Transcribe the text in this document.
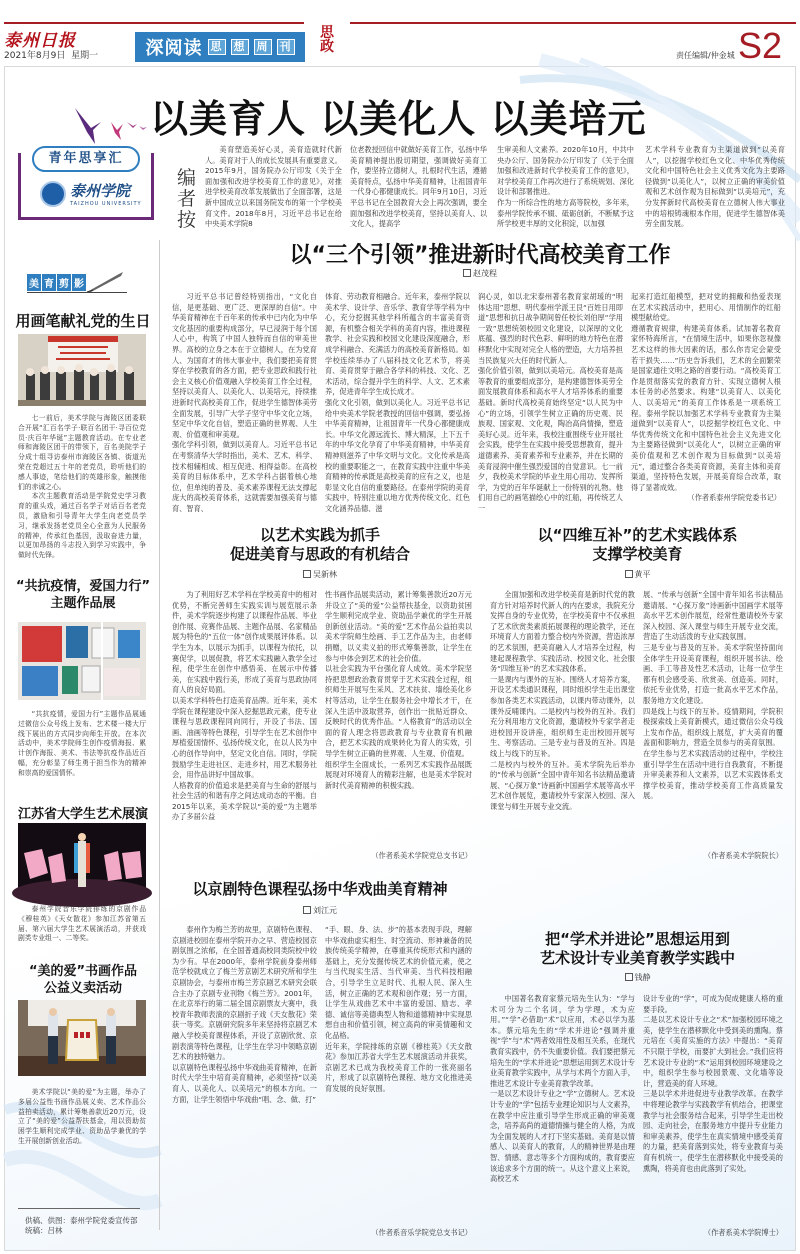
泰州日报
2021年8月9日 星期一	深阅读 思 想 周 刊
思政
责任编辑/仲金城 S2
以美育人 以美化人 以美培元
青年思享汇
泰州学院
TAIZHOU UNIVERSITY
编者按

美育塑造美好心灵，美育造就时代新人。美育对于人的成长发展具有重要意义。2015年9月，国务院办公厅印发《关于全面加强和改进学校美育工作的意见》，对推进学校美育改革发展做出了全面部署，这是新中国成立以来国务院发布的第一个学校美育文件。2018年8月，习近平总书记在给中央美术学院8

位老教授回信中就做好美育工作，弘扬中华美育精神提出殷切期望，强调做好美育工作，要坚持立德树人，扎根时代生活，遵循美育特点，弘扬中华美育精神，让祖国青年一代身心都健康成长。同年9月10日，习近平总书记在全国教育大会上再次强调，要全面加强和改进学校美育，坚持以美育人、以文化人，提高学

生审美和人文素养。2020年10月，中共中央办公厅、国务院办公厅印发了《关于全面加强和改进新时代学校美育工作的意见》，对学校美育工作再次进行了系统规划、深化设计和部署推进。
作为一所综合性的地方高等院校，多年来，泰州学院传承不辍、砥砺创新，不断赋予这所学校更丰厚的文化积淀，以加强

艺术学科专业教育为主渠道做到“以美育人”，以挖掘学校红色文化、中华优秀传统文化和中国特色社会主义优秀文化为主要路径做到“以美化人”，以树立正确的审美价值观和艺术创作观为目标做到“以美培元”，充分发挥新时代高校美育在立德树人伟大事业中的培根铸魂根本作用，促进学生德智体美劳全面发展。

美 育 剪 影
用画笔献礼党的生日

七一前后，美术学院与海陵区团委联合开展“汇百名学子·联百名团干·寻百位党员·庆百年华诞”主题教育活动。在专业老师和海陵区团干的带领下，百名美院学子分成十组寻访泰州市海陵区各镇、街道光荣在党超过五十年的老党员，聆听他们的感人事迹，笔绘他们的英雄形象，触摸他们的赤诚之心。

本次主题教育活动是学院党史学习教育的重头戏，通过百名学子对话百名老党员，激励和引导青年大学生向老党员学习，继承发扬老党员全心全意为人民服务的精神，传承红色基因，汲取奋进力量，以更加昂扬的斗志投入到学习实践中，争做时代先锋。

“共抗疫情，爱国力行”
主题作品展

“共抗疫情，爱国力行”主题作品展通过微信公众号线上发布、艺术楼一楼大厅线下展出的方式同步向师生开放。在本次活动中，美术学院师生创作疫情海报、累计创作海报、美术、书法等抗疫作品近百幅，充分彰显了师生勇于担当作为的精神和崇高的爱国情怀。

江苏省大学生艺术展演

泰州学院音乐学院排练的京剧作品《穆桂英》《天女散花》参加江苏省第五届、第六届大学生艺术展演活动，并获戏剧类专业组一、二等奖。

“美的爱”书画作品
公益义卖活动

美术学院以“美的爱”为主题，举办了多届公益性书画作品展义卖、艺术作品公益拍卖活动，累计筹集善款近20万元，设立了“美的爱”公益帮扶基金，用以资助贫困学生顺利完成学业、资助品学兼优的学生开展创新创业活动。

供稿、供图：泰州学院党委宣传部
统稿：吕林
以“三个引领”推进新时代高校美育工作
赵茂程

习近平总书记曾经特别指出，“文化自信，是更基础、更广泛、更深厚的自信”。中华美育精神在千百年来的传承中已内化为中华文化基因的重要构成部分，早已浸润于每个国人心中，构筑了中国人独特而自信的审美世界。高校的立身之本在于立德树人，在为党育人、为国育才的伟大事业中，我们要把美育贯穿在学校教育的各方面，把专业思政和践行社会主义核心价值观融入学校美育工作全过程，坚持以美育人、以美化人、以美培元，持续推进新时代高校美育工作，促进学生德智体美劳全面发展，引导广大学子坚守中华文化立场，坚定中华文化自信，塑造正确的世界观、人生观、价值观和审美观。
强化学科引领，做到以美育人。习近平总书记在考察清华大学时指出，美术、艺术、科学、技术相辅相成、相互促进、相得益彰。在高校美育的目标体系中，艺术学科占据着核心地位，但单纯的普及、美术素养课程无法支撑起庞大的高校美育体系，这就需要加强美育与德育、智育、

体育、劳动教育相融合。近年来，泰州学院以美术学、设计学、音乐学、教育学等学科为中心，充分挖掘其他学科所蕴含的丰富美育资源，有机整合相关学科的美育内容，推进课程教学、社会实践和校园文化建设深度融合，形成学科融合、充满活力的高校美育新格局。如学校连续举办了八届科技文化艺术节，将美育、美育贯穿于融合各学科的科技、文化、艺术活动，综合提升学生的科学、人文、艺术素养，促进青年学生成长成才。
强化文化引领，做到以美化人。习近平总书记给中央美术学院老教授的回信中强调，要弘扬中华美育精神，让祖国青年一代身心都健康成长。中华文化源远流长、博大精深，上下五千年的中华文化孕育了中华美育精神，中华美育精神则滋养了中华文明与文化。文化传承是高校的重要职能之一，在教育实践中注重中华美育精神的传承既是高校美育的应有之义，也是彰显文化自信的重要路径。在泰州学院的美育实践中，特别注重以地方优秀传统文化、红色文化涵养品德、滋

润心灵，如以北宋泰州著名教育家胡瑗的“明体达用”思想、明代泰州学派王艮“百姓日用即道”思想和抗日战争期间曾任校长刘伯厚“学用一致”思想统领校园文化建设，以深厚的文化底蕴、强烈的时代色彩、鲜明的地方特色在潜移默化中实现对完全人格的塑造，大力培养担当民族复兴大任的时代新人。
强化价值引领，做到以美培元。高校美育是高等教育的重要组成部分，是构建德智体美劳全面发展教育体系和高水平人才培养体系的重要基础。新时代高校美育始终坚定“以人民为中心”的立场，引领学生树立正确的历史观、民族观、国家观、文化观，陶冶高尚情操，塑造美好心灵。近年来，我校注重围绕专业开展社会实践，使学生在实践中接受思想教育，提升道德素养、美育素养和专业素养，并在长期的美育浸润中催生强烈爱国的自觉意识。七一前夕，我校美术学院的毕业生用心用功、发挥所学，为党的百年华诞献上一份特别的礼物。他们用自己的画笔描绘心中的红船，再传统艺人一

起来打造红船模型，把对党的拥戴和热爱表现在艺术实践活动中，把用心、用情制作的红船模型献给党。
遵循教育规律，构建美育体系。试加著名教育家怀特海所言，“在情境生活中，如果你忽视像艺术这样的伟大因素的话，那么你肯定会蒙受若干损失……”历史告诉我们，艺术的全面繁荣是国家通往文明之路的首要行动。“高校美育工作是贯彻落实党的教育方针、实现立德树人根本任务的必然要求。构建“以美育人、以美化人、以美培元”的美育工作体系是一项系统工程。泰州学院以加强艺术学科专业教育为主渠道做到“以美育人”，以挖掘学校红色文化、中华优秀传统文化和中国特色社会主义先进文化为主要路径做到“以美化人”，以树立正确的审美价值观和艺术创作观为目标做到“以美培元”，通过整合各类美育资源，美育主体和美育渠道，坚持特色发展，开展美育综合改革，取得了显著成效。

（作者系泰州学院党委书记）
以艺术实践为抓手
促进美育与思政的有机结合
吴新林

为了利用好艺术学科在学校美育中的相对优势，不断完善师生实践实训与展览展示条件，美术学院逐步构建了以课程作品展、毕业创作展、竞赛作品展、主题作品展、名家精品展为特色的“五位一体”创作成果展评体系。以学生为本，以展示为抓手，以课程为依托，以赛促学，以展促教，将艺术实践融入教学全过程，使学生在创作中感悟美、在展示中传播美，在实践中践行美，形成了美育与思政协同育人的良好局面。
以美术学科特色打造美育品牌。近年来，美术学院在课程建设中深入挖掘思政元素，使专业课程与思政课程同向同行，开设了书法、国画、油画等特色课程，引导学生在艺术创作中厚植爱国情怀、弘扬传统文化，在以人民为中心的创作导向中，坚定文化自信。同时，学院鼓励学生走进社区、走进乡村，用艺术服务社会，用作品讲好中国故事。
人格教育的价值追求是把美育与生命的舒展与社会生活的和谐有序之间达成动态的平衡。自2015年以来，美术学院以“美的爱”为主题举办了多届公益

性书画作品展卖活动，累计筹集善款近20万元并设立了“美的爱”公益帮扶基金，以资助贫困学生顺利完成学业、资助品学兼优的学生开展创新创业活动。“美的爱”艺术作品公益拍卖以美术学院师生绘画、手工艺作品为主，由老师捐赠，以义卖义拍的形式筹集善款，让学生在参与中体会到艺术的社会价值。
以社会实践为平台强化育人成效。美术学院坚持把思想政治教育贯穿于艺术实践全过程，组织师生开展写生采风、艺术扶贫、墙绘美化乡村等活动，让学生在服务社会中增长才干，在深入生活中汲取营养，创作出一批贴近群众、反映时代的优秀作品。“人格教育”的活动以全面的育人理念将思政教育与专业教育有机融合，把艺术实践的成果转化为育人的实效，引导学生树立正确的世界观、人生观、价值观。
组织学生全面成长，一系列艺术实践作品展既展现对环境育人的精彩注解，也是美术学院对新时代美育精神的积极实践。

（作者系美术学院党总支书记）
以“四维互补”的艺术实践体系
支撑学校美育
黄平

全面加强和改进学校美育是新时代党的教育方针对培养时代新人的内在要求，我院充分发挥自身的专业优势，在学校美育中不仅承担了艺术欣赏类素质拓展课程的理论教学，还在环境育人方面着力整合校内外资源，营造浓厚的艺术氛围，把美育融入人才培养全过程，构建起课程教学、实践活动、校园文化、社会服务“四维互补”的艺术实践体系。
一是课内与课外的互补。围绕人才培养方案，开设艺术类通识课程，同时组织学生走出课堂参加各类艺术实践活动，以课内带动课外，以课外反哺课内。二是校内与校外的互补。我们充分利用地方文化资源，邀请校外专家学者走进校园开设讲座，组织师生走出校园开展写生、考察活动。三是专业与普及的互补。四是线上与线下的互补。
二是校内与校外的互补。美术学院先后举办的“传承与创新”全国中青年知名书法精品邀请展、“心探万象”诗画新中国画学术展等高水平艺术创作展览，邀请校外专家深入校园、深入课堂与师生开展专业交流。

展、“传承与创新”全国中青年知名书法精品邀请展、“心探万象”诗画新中国画学术展等高水平艺术创作展览，经常性邀请校外专家深入校园、深入课堂与师生开展专业交流，营造了生动活泼的专业实践氛围。
三是专业与普及的互补。美术学院坚持面向全体学生开设美育课程，组织开展书法、绘画、手工等普及性艺术活动，让每一位学生都有机会感受美、欣赏美、创造美。同时，依托专业优势，打造一批高水平艺术作品，服务地方文化建设。
四是线上与线下的互补。疫情期间，学院积极探索线上美育新模式，通过微信公众号线上发布作品，组织线上展览，扩大美育的覆盖面和影响力，营造全员参与的美育氛围。
在学生参与艺术实践活动的过程中，学校注重引导学生在活动中进行自我教育，不断提升审美素养和人文素养，以艺术实践体系支撑学校美育，推动学校美育工作高质量发展。

（作者系美术学院院长）
以京剧特色课程弘扬中华戏曲美育精神
刘江元

泰州作为梅兰芳的故里，京剧特色课程、京剧进校园在泰州学院开办之早、营造校园京剧氛围之浓郁，在全国普通高校同类院校中较为少有。早在2000年，泰州学院前身泰州师范学校就成立了梅兰芳京剧艺术研究所和学生京剧协会，与泰州市梅兰芳京剧艺术研究会联合主办了京剧专业刊物《梅兰芳》。2001年，在北京举行的第二届全国京剧票友大赛中，我校青年教师表演的京剧折子戏《天女散花》荣获一等奖。京剧研究院多年来坚持将京剧艺术融入学校美育课程体系，开设了京剧欣赏、京剧表演等特色课程，让学生在学习中领略京剧艺术的独特魅力。
以京剧特色课程弘扬中华戏曲美育精神，在新时代大学生中培育美育精神，必须坚持“以美育人、以美化人、以美培元”的根本方向。一方面，让学生领悟中华戏曲“唱、念、做、打”

“手、眼、身、法、步”的基本表现手段，理解中华戏曲虚实相生、时空流动、形神兼备的民族传统美学精神，在尊重其传统形式和内涵的基础上，充分发掘传统艺术的价值元素，使之与当代现实生活、当代审美、当代科技相融合，引导学生立足时代、扎根人民、深入生活，树立正确的艺术观和创作观；另一方面，让学生从戏曲艺术中丰富的爱国、励志、孝德、诚信等美德典型人物和道德精神中实现思想自由和价值引领，树立高尚的审美情趣和文化品格。
近年来，学院排练的京剧《穆桂英》《天女散花》参加江苏省大学生艺术展演活动并获奖，京剧艺术已成为我校美育工作的一张亮丽名片，形成了以京剧特色课程、地方文化推进美育发展的良好氛围。

（作者系音乐学院党总支书记）
把“学术并进论”思想运用到
艺术设计专业美育教学实践中
钱静

中国著名教育家蔡元培先生认为：“学与术可分为二个名词，学为学理，术为应用。”“学”必借助“术”以应用，术必以学为基本。蔡元培先生的“学术并进论”强调并重视“学”与“术”两者效用性及相互关系，在现代教育实践中，仍不失重要价值。我们要把蔡元培先生的“学术并进论”思想运用到艺术设计专业美育教学实践中，从学与术两个方面入手，推进艺术设计专业美育教学改革。
一是以艺术设计专业之“学”立德树人。艺术设计专业的“学”包括专业理论知识与人文素养，在教学中应注重引导学生形成正确的审美观念，培养高尚的道德情操与健全的人格，为成为全面发展的人才打下坚实基础。美育是以情感人、以美育人的教育，人的精神世界是由理智、情感、意志等多个方面构成的，教育要应该追求多个方面的统一。从这个意义上来说，高校艺术

设计专业的“学”，可成为促成健康人格的重要手段。
二是以艺术设计专业之“术”加强校园环境之美，使学生在潜移默化中受到美的熏陶。蔡元培在《美育实施的方法》中提出：“美育不只限于学校，而要扩大到社会。”我们应将艺术设计专业的“术”运用到校园环境建设之中，组织学生参与校园景观、文化墙等设计，营造美的育人环境。
三是以学术并进促进专业教学改革。在教学中将理论教学与实践教学有机结合，把课堂教学与社会服务结合起来，引导学生走出校园、走向社会，在服务地方中提升专业能力和审美素养，使学生在真实情境中感受美育的力量，把美育落到实处，将专业教育与美育有机统一，使学生在潜移默化中接受美的熏陶，将美育也由此落到了实处。

（作者系美术学院博士）
